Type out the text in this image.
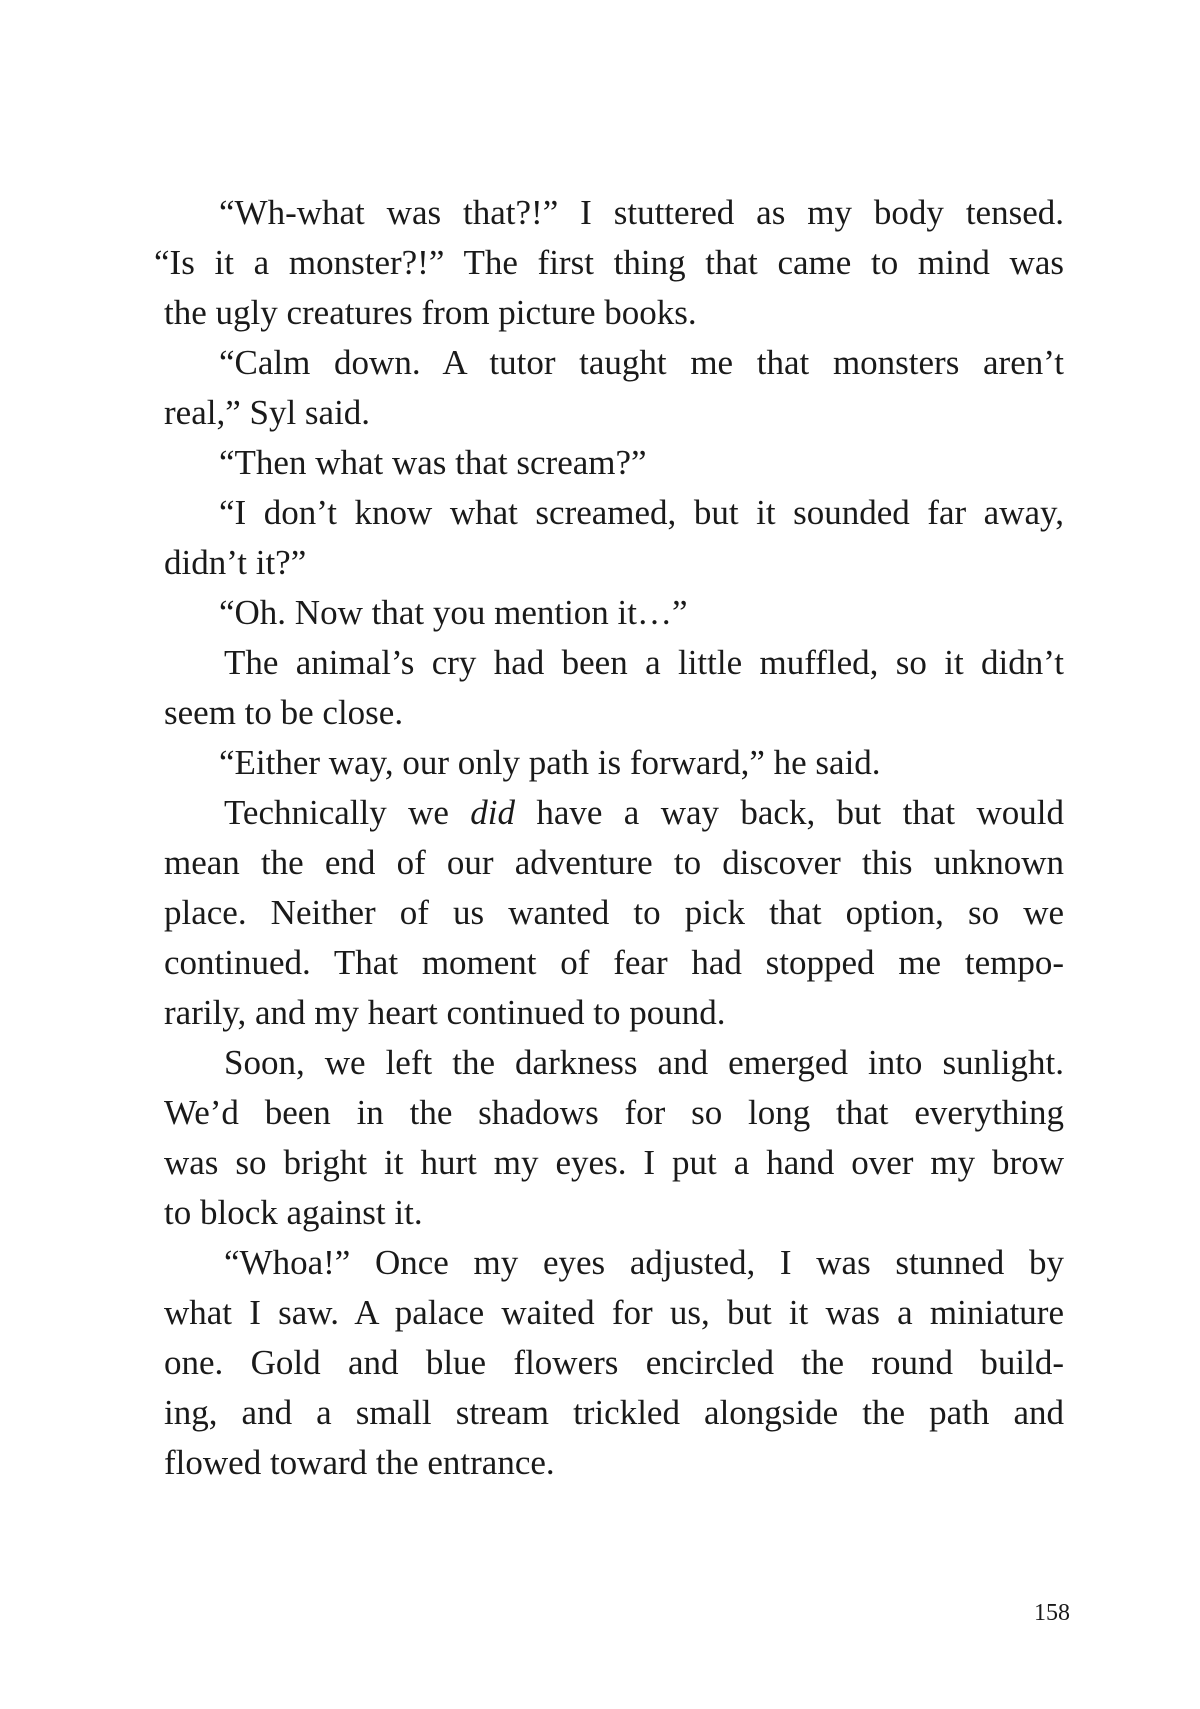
“Wh-what was that?!” I stuttered as my body tensed.
“Is it a monster?!” The first thing that came to mind was
the ugly creatures from picture books.
“Calm down. A tutor taught me that monsters aren’t
real,” Syl said.
“Then what was that scream?”
“I don’t know what screamed, but it sounded far away,
didn’t it?”
“Oh. Now that you mention it…”
The animal’s cry had been a little muffled, so it didn’t
seem to be close.
“Either way, our only path is forward,” he said.
Technically we did have a way back, but that would
mean the end of our adventure to discover this unknown
place. Neither of us wanted to pick that option, so we
continued. That moment of fear had stopped me tempo-
rarily, and my heart continued to pound.
Soon, we left the darkness and emerged into sunlight.
We’d been in the shadows for so long that everything
was so bright it hurt my eyes. I put a hand over my brow
to block against it.
“Whoa!” Once my eyes adjusted, I was stunned by
what I saw. A palace waited for us, but it was a miniature
one. Gold and blue flowers encircled the round build-
ing, and a small stream trickled alongside the path and
flowed toward the entrance.
158
